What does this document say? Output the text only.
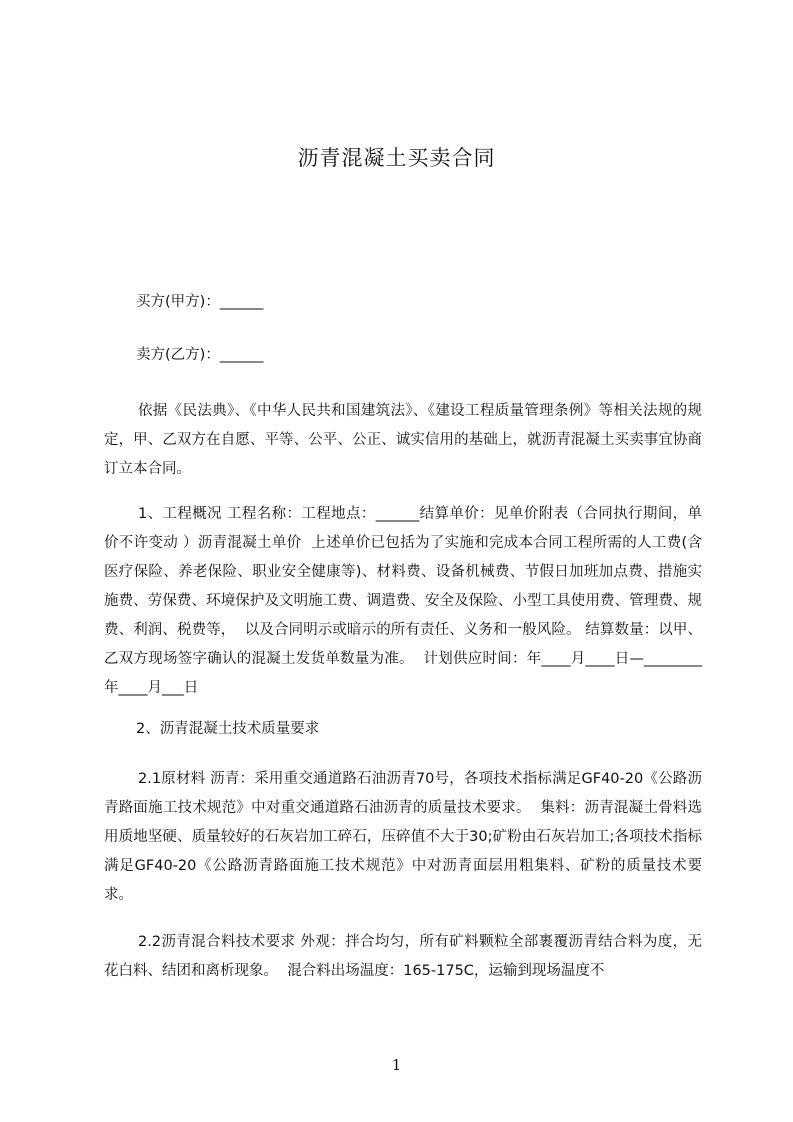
沥青混凝土买卖合同
买方(甲方)：______
卖方(乙方)：______
依据《民法典》、《中华人民共和国建筑法》、《建设工程质量管理条例》等相关法规的规定，甲、乙双方在自愿、平等、公平、公正、诚实信用的基础上，就沥青混凝土买卖事宜协商订立本合同。
1、工程概况 工程名称：工程地点：______结算单价：见单价附表（合同执行期间，单价不许变动 ）沥青混凝土单价  上述单价已包括为了实施和完成本合同工程所需的人工费(含医疗保险、养老保险、职业安全健康等)、材料费、设备机械费、节假日加班加点费、措施实施费、劳保费、环境保护及文明施工费、调遣费、安全及保险、小型工具使用费、管理费、规费、利润、税费等，  以及合同明示或暗示的所有责任、义务和一般风险。 结算数量：以甲、乙双方现场签字确认的混凝土发货单数量为准。  计划供应时间：年____月____日—________年____月___日
2、沥青混凝土技术质量要求
2.1原材料 沥青：采用重交通道路石油沥青70号，各项技术指标满足GF40-20《公路沥青路面施工技术规范》中对重交通道路石油沥青的质量技术要求。  集料：沥青混凝土骨料选用质地坚硬、质量较好的石灰岩加工碎石，压碎值不大于30;矿粉由石灰岩加工;各项技术指标满足GF40-20《公路沥青路面施工技术规范》中对沥青面层用粗集料、矿粉的质量技术要求。
2.2沥青混合料技术要求 外观：拌合均匀，所有矿料颗粒全部裹覆沥青结合料为度，无花白料、结团和离析现象。  混合料出场温度：165-175C，运输到现场温度不
1
